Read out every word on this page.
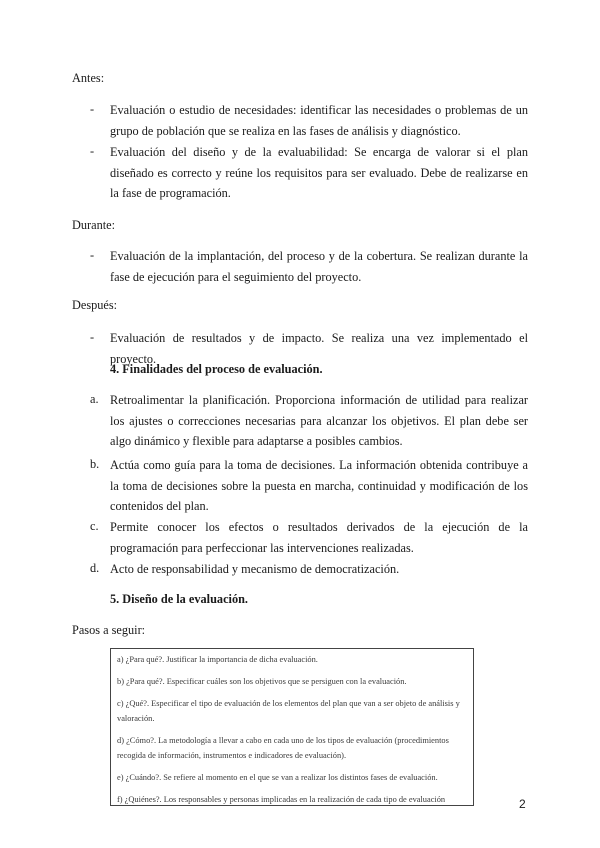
Antes:
- Evaluación o estudio de necesidades: identificar las necesidades o problemas de un grupo de población que se realiza en las fases de análisis y diagnóstico.
- Evaluación del diseño y de la evaluabilidad: Se encarga de valorar si el plan diseñado es correcto y reúne los requisitos para ser evaluado. Debe de realizarse en la fase de programación.
Durante:
- Evaluación de la implantación, del proceso y de la cobertura. Se realizan durante la fase de ejecución para el seguimiento del proyecto.
Después:
- Evaluación de resultados y de impacto. Se realiza una vez implementado el proyecto.
4. Finalidades del proceso de evaluación.
a. Retroalimentar la planificación. Proporciona información de utilidad para realizar los ajustes o correcciones necesarias para alcanzar los objetivos. El plan debe ser algo dinámico y flexible para adaptarse a posibles cambios.
b. Actúa como guía para la toma de decisiones. La información obtenida contribuye a la toma de decisiones sobre la puesta en marcha, continuidad y modificación de los contenidos del plan.
c. Permite conocer los efectos o resultados derivados de la ejecución de la programación para perfeccionar las intervenciones realizadas.
d. Acto de responsabilidad y mecanismo de democratización.
5. Diseño de la evaluación.
Pasos a seguir:
a) ¿Para qué?. Justificar la importancia de dicha evaluación.
b) ¿Para qué?. Especificar cuáles son los objetivos que se persiguen con la evaluación.
c) ¿Qué?. Especificar el tipo de evaluación de los elementos del plan que van a ser objeto de análisis y valoración.
d) ¿Cómo?. La metodología a llevar a cabo en cada uno de los tipos de evaluación (procedimientos recogida de información, instrumentos e indicadores de evaluación).
e) ¿Cuándo?. Se refiere al momento en el que se van a realizar los distintos fases de evaluación.
f) ¿Quiénes?. Los responsables y personas implicadas en la realización de cada tipo de evaluación	2
